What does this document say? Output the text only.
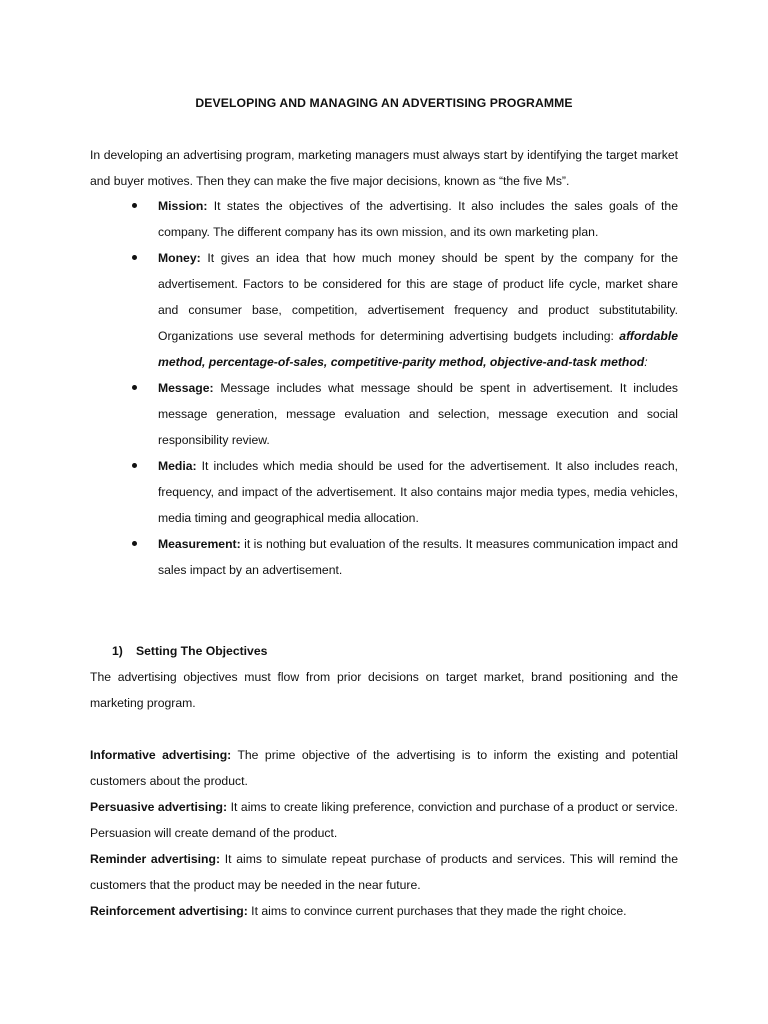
DEVELOPING AND MANAGING AN ADVERTISING PROGRAMME

In developing an advertising program, marketing managers must always start by identifying the target market and buyer motives. Then they can make the five major decisions, known as “the five Ms”.

Mission: It states the objectives of the advertising. It also includes the sales goals of the company. The different company has its own mission, and its own marketing plan.
Money: It gives an idea that how much money should be spent by the company for the advertisement. Factors to be considered for this are stage of product life cycle, market share and consumer base, competition, advertisement frequency and product substitutability. Organizations use several methods for determining advertising budgets including: affordable method, percentage-of-sales, competitive-parity method, objective-and-task method:
Message: Message includes what message should be spent in advertisement. It includes message generation, message evaluation and selection, message execution and social responsibility review.
Media: It includes which media should be used for the advertisement. It also includes reach, frequency, and impact of the advertisement. It also contains major media types, media vehicles, media timing and geographical media allocation.
Measurement: it is nothing but evaluation of the results. It measures communication impact and sales impact by an advertisement.
1) Setting The Objectives

The advertising objectives must flow from prior decisions on target market, brand positioning and the marketing program.

Informative advertising: The prime objective of the advertising is to inform the existing and potential customers about the product.

Persuasive advertising: It aims to create liking preference, conviction and purchase of a product or service. Persuasion will create demand of the product.

Reminder advertising: It aims to simulate repeat purchase of products and services. This will remind the customers that the product may be needed in the near future.

Reinforcement advertising: It aims to convince current purchases that they made the right choice.
